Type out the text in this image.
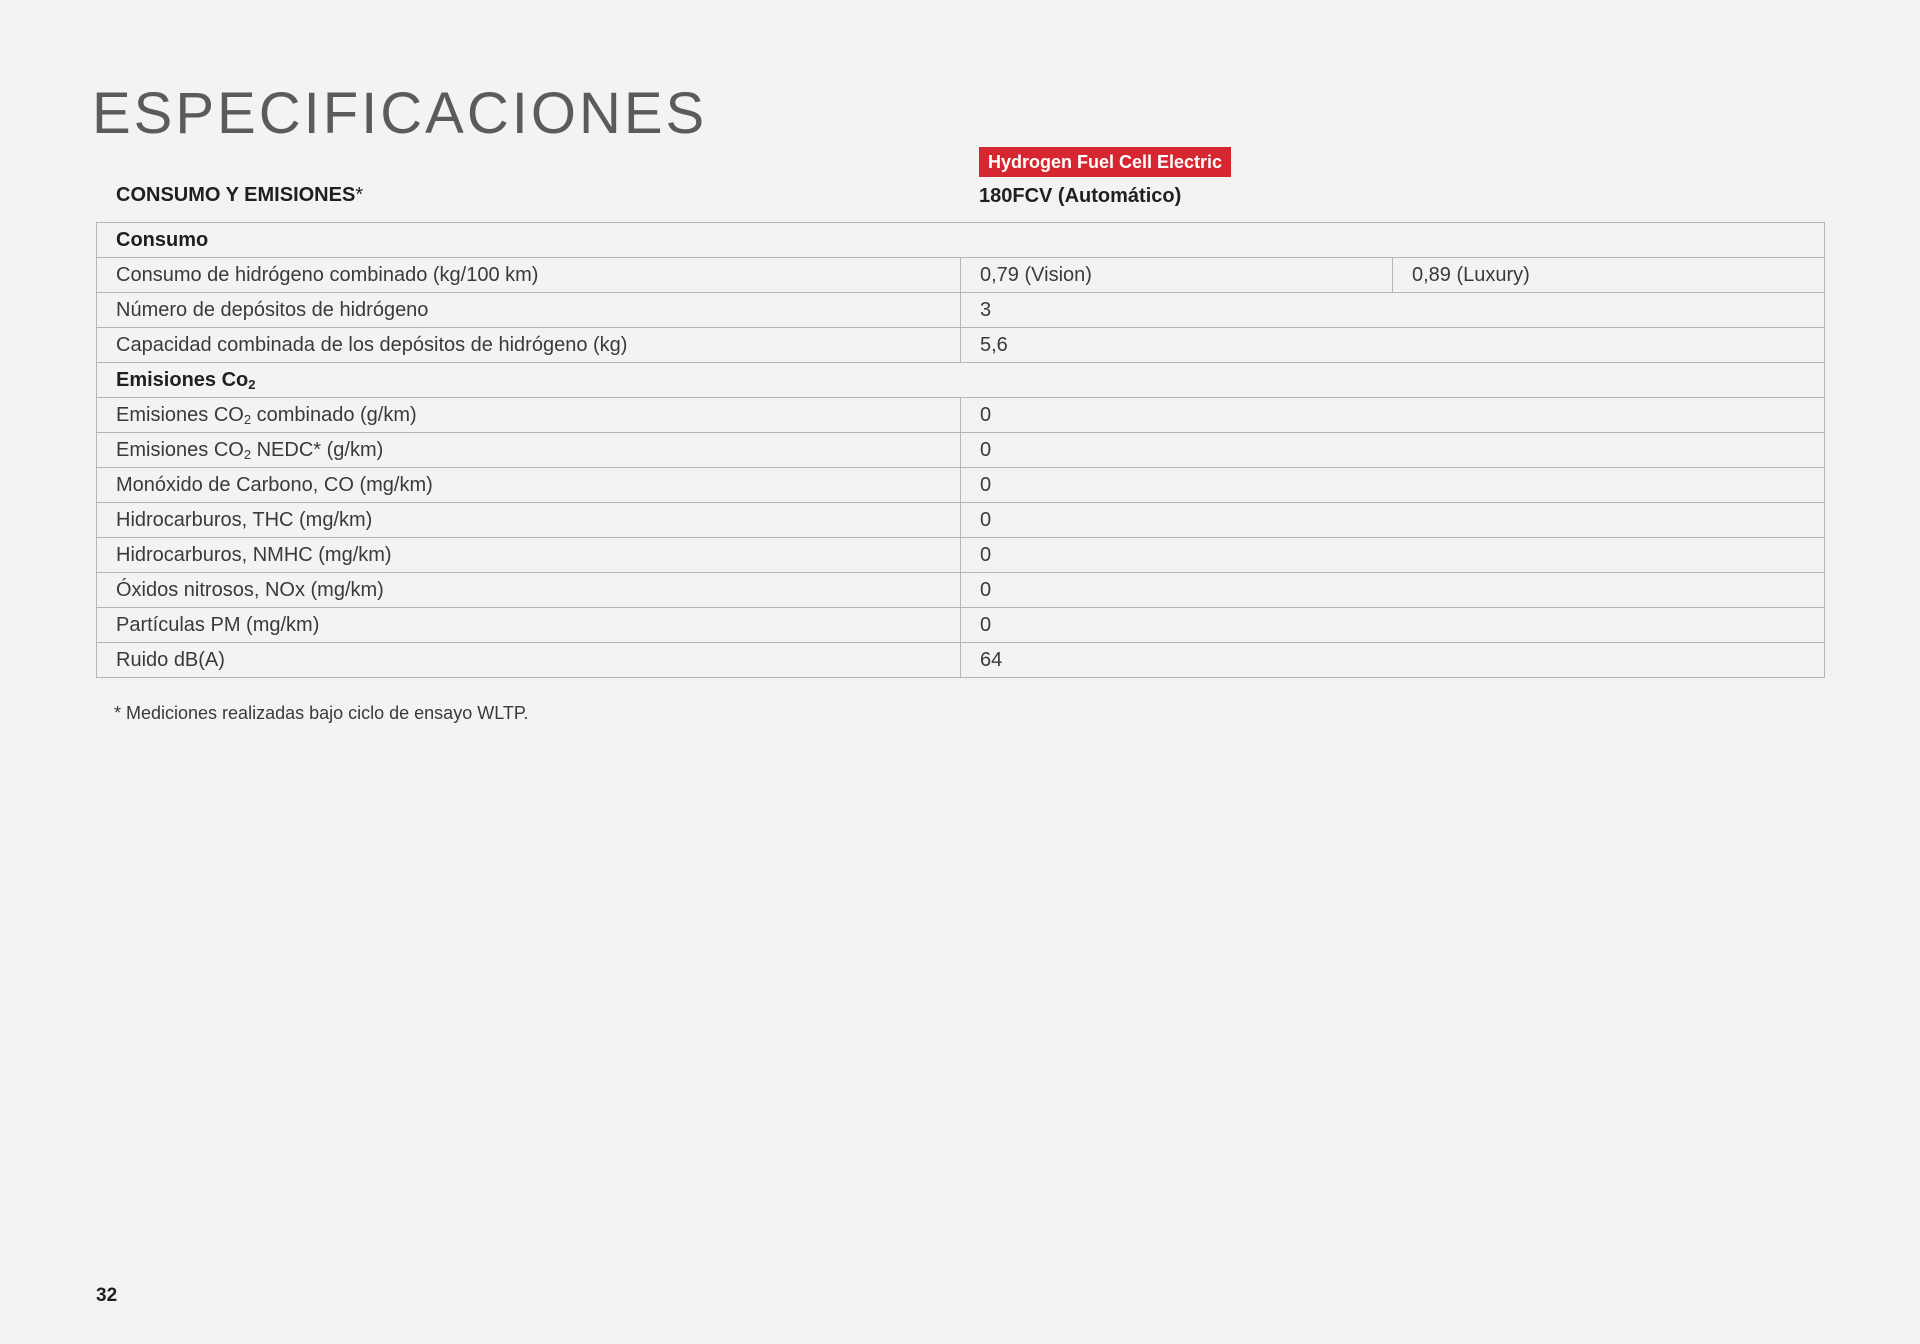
ESPECIFICACIONES
CONSUMO Y EMISIONES*
Hydrogen Fuel Cell Electric
180FCV (Automático)
Consumo		
Consumo de hidrógeno combinado (kg/100 km)	0,79 (Vision)	0,89 (Luxury)
Número de depósitos de hidrógeno	3	
Capacidad combinada de los depósitos de hidrógeno (kg)	5,6	
Emisiones $Co_2$
Emisiones $CO_2$ combinado (g/km)	0	
Emisiones $CO_2$ NEDC* (g/km)	0	
Monóxido de Carbono, CO (mg/km)	0	
Hidrocarburos, THC (mg/km)	0	
Hidrocarburos, NMHC (mg/km)	0	
Óxidos nitrosos, NOx (mg/km)	0	
Partículas PM (mg/km)	0	
Ruido dB(A)	64	
* Mediciones realizadas bajo ciclo de ensayo WLTP.
32
